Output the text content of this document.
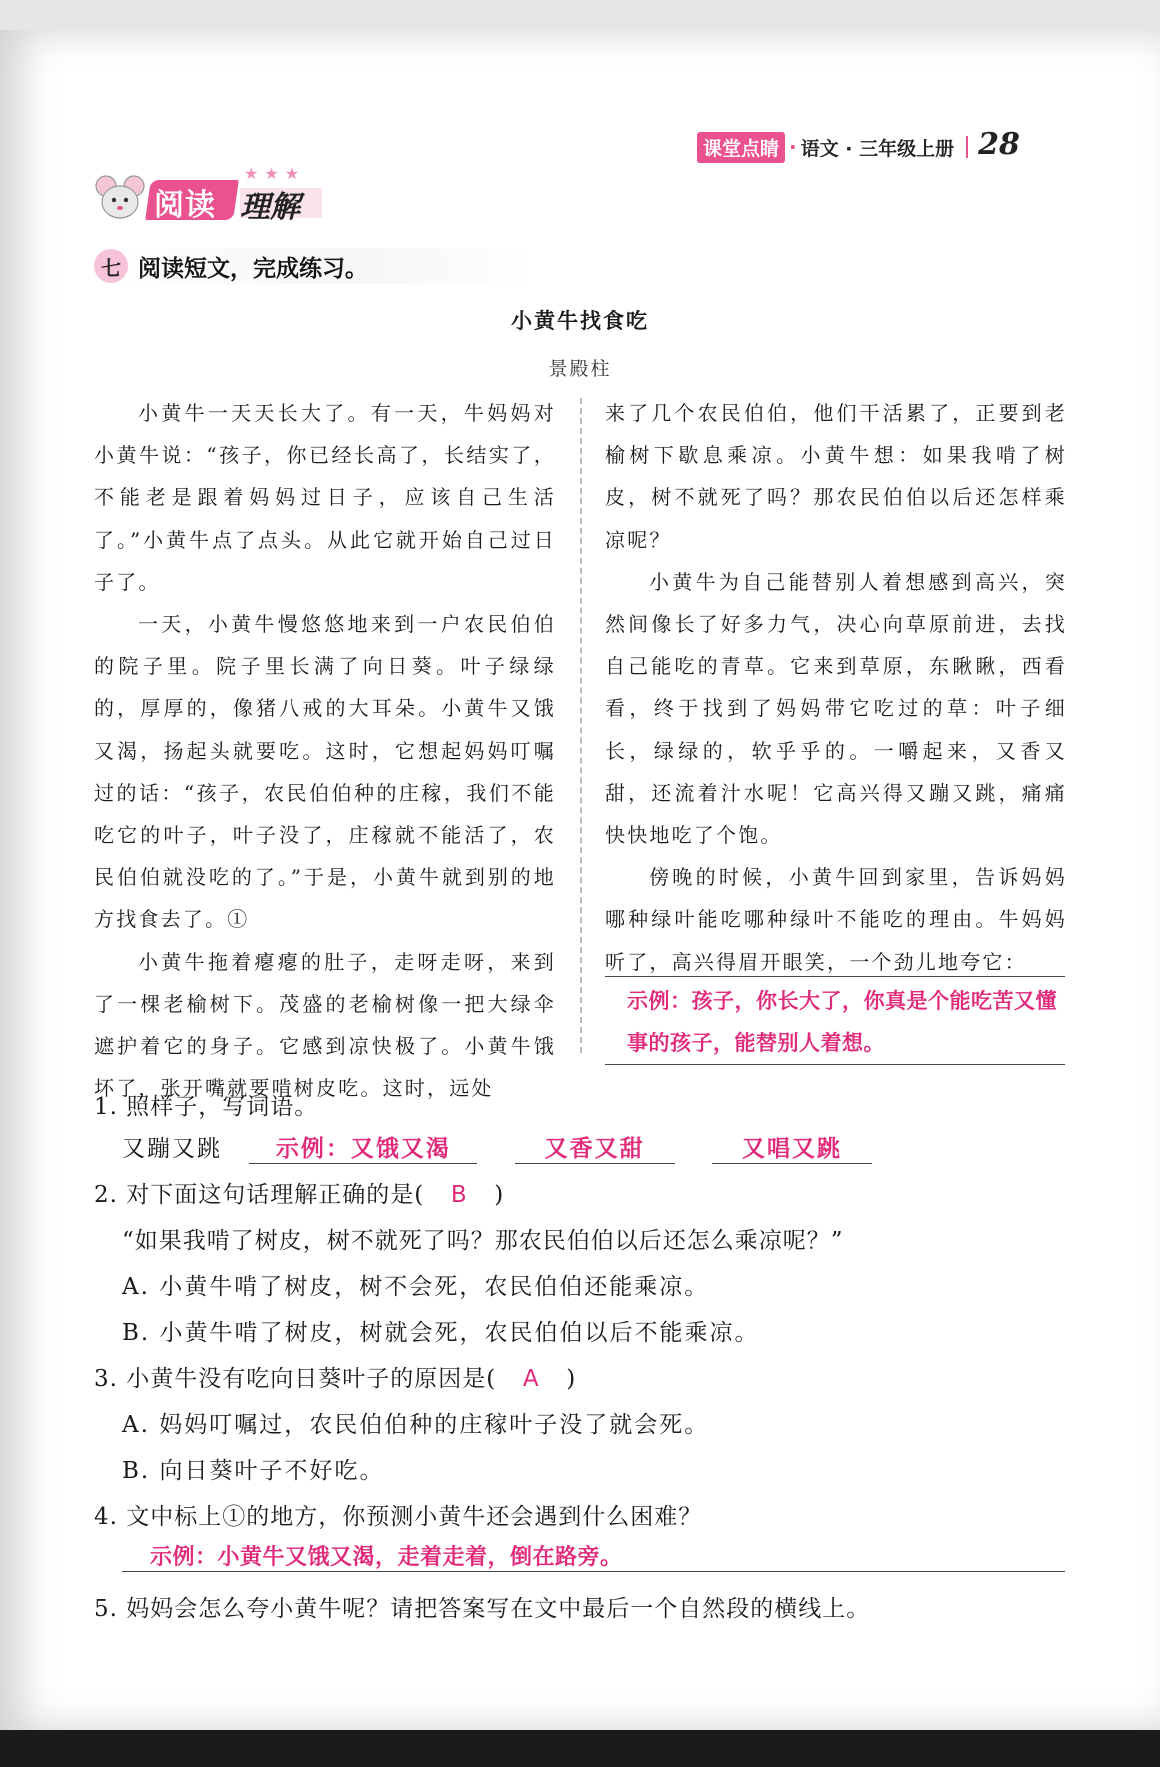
课堂点睛 · 语文 · 三年级上册 28
阅读 理解
★★★
七 阅读短文，完成练习。
小黄牛找食吃
景殿柱

小黄牛一天天长大了。有一天，牛妈妈对小黄牛说：“孩子，你已经长高了，长结实了，不能老是跟着妈妈过日子，应该自己生活了。”小黄牛点了点头。从此它就开始自己过日子了。

一天，小黄牛慢悠悠地来到一户农民伯伯的院子里。院子里长满了向日葵。叶子绿绿的，厚厚的，像猪八戒的大耳朵。小黄牛又饿又渴，扬起头就要吃。这时，它想起妈妈叮嘱过的话：“孩子，农民伯伯种的庄稼，我们不能吃它的叶子，叶子没了，庄稼就不能活了，农民伯伯就没吃的了。”于是，小黄牛就到别的地方找食去了。①

小黄牛拖着瘪瘪的肚子，走呀走呀，来到了一棵老榆树下。茂盛的老榆树像一把大绿伞遮护着它的身子。它感到凉快极了。小黄牛饿坏了，张开嘴就要啃树皮吃。这时，远处

来了几个农民伯伯，他们干活累了，正要到老榆树下歇息乘凉。小黄牛想：如果我啃了树皮，树不就死了吗？那农民伯伯以后还怎样乘凉呢？

小黄牛为自己能替别人着想感到高兴，突然间像长了好多力气，决心向草原前进，去找自己能吃的青草。它来到草原，东瞅瞅，西看看，终于找到了妈妈带它吃过的草：叶子细长，绿绿的，软乎乎的。一嚼起来，又香又甜，还流着汁水呢！它高兴得又蹦又跳，痛痛快快地吃了个饱。

傍晚的时候，小黄牛回到家里，告诉妈妈哪种绿叶能吃哪种绿叶不能吃的理由。牛妈妈听了，高兴得眉开眼笑，一个劲儿地夸它：

示例：孩子，你长大了，你真是个能吃苦又懂事的孩子，能替别人着想。
1. 照样子，写词语。
又蹦又跳 示例：又饿又渴	又香又甜	又唱又跳
2. 对下面这句话理解正确的是( B )
“如果我啃了树皮，树不就死了吗？那农民伯伯以后还怎么乘凉呢？”
A. 小黄牛啃了树皮，树不会死，农民伯伯还能乘凉。
B. 小黄牛啃了树皮，树就会死，农民伯伯以后不能乘凉。
3. 小黄牛没有吃向日葵叶子的原因是( A )
A. 妈妈叮嘱过，农民伯伯种的庄稼叶子没了就会死。
B. 向日葵叶子不好吃。
4. 文中标上①的地方，你预测小黄牛还会遇到什么困难？
示例：小黄牛又饿又渴，走着走着，倒在路旁。
5. 妈妈会怎么夸小黄牛呢？请把答案写在文中最后一个自然段的横线上。
